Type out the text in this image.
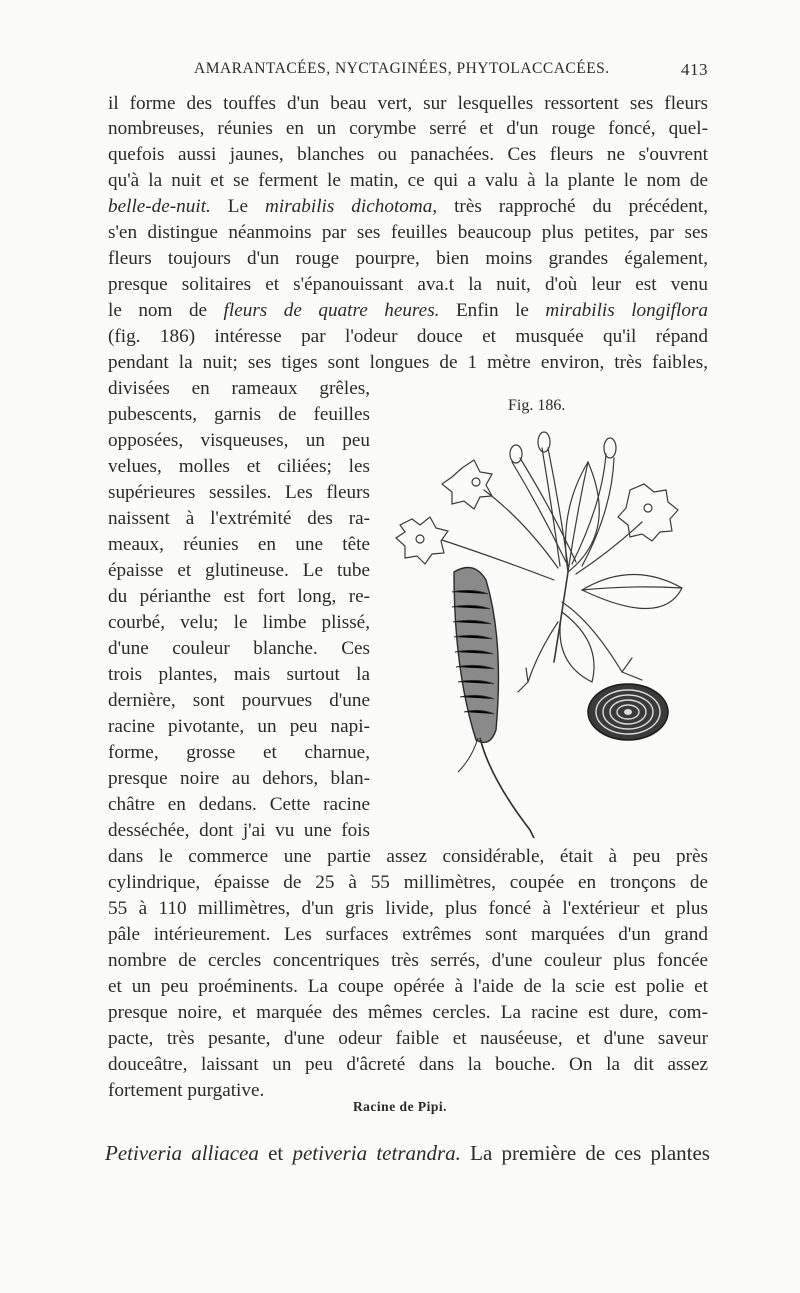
AMARANTACÉES, NYCTAGINÉES, PHYTOLACCACÉES.	413
il forme des touffes d'un beau vert, sur lesquelles ressortent ses fleurs
nombreuses, réunies en un corymbe serré et d'un rouge foncé, quel-
quefois aussi jaunes, blanches ou panachées. Ces fleurs ne s'ouvrent
qu'à la nuit et se ferment le matin, ce qui a valu à la plante le nom de
belle-de-nuit. Le mirabilis dichotoma, très rapproché du précédent,
s'en distingue néanmoins par ses feuilles beaucoup plus petites, par ses
fleurs toujours d'un rouge pourpre, bien moins grandes également,
presque solitaires et s'épanouissant ava.t la nuit, d'où leur est venu
le nom de fleurs de quatre heures. Enfin le mirabilis longiflora
(fig. 186) intéresse par l'odeur douce et musquée qu'il répand
pendant la nuit; ses tiges sont longues de 1 mètre environ, très faibles,
divisées en rameaux grêles,
pubescents, garnis de feuilles
opposées, visqueuses, un peu
velues, molles et ciliées; les
supérieures sessiles. Les fleurs
naissent à l'extrémité des ra-
meaux, réunies en une tête
épaisse et glutineuse. Le tube
du périanthe est fort long, re-
courbé, velu; le limbe plissé,
d'une couleur blanche. Ces
trois plantes, mais surtout la
dernière, sont pourvues d'une
racine pivotante, un peu napi-
forme, grosse et charnue,
presque noire au dehors, blan-
châtre en dedans. Cette racine
desséchée, dont j'ai vu une fois
dans le commerce une partie assez considérable, était à peu près
cylindrique, épaisse de 25 à 55 millimètres, coupée en tronçons de
55 à 110 millimètres, d'un gris livide, plus foncé à l'extérieur et plus
pâle intérieurement. Les surfaces extrêmes sont marquées d'un grand
nombre de cercles concentriques très serrés, d'une couleur plus foncée
et un peu proéminents. La coupe opérée à l'aide de la scie est polie et
presque noire, et marquée des mêmes cercles. La racine est dure, com-
pacte, très pesante, d'une odeur faible et nauséeuse, et d'une saveur
douceâtre, laissant un peu d'âcreté dans la bouche. On la dit assez
fortement purgative.
Fig. 186.
Racine de Pipi.
Petiveria alliacea et petiveria tetrandra. La première de ces plantes
